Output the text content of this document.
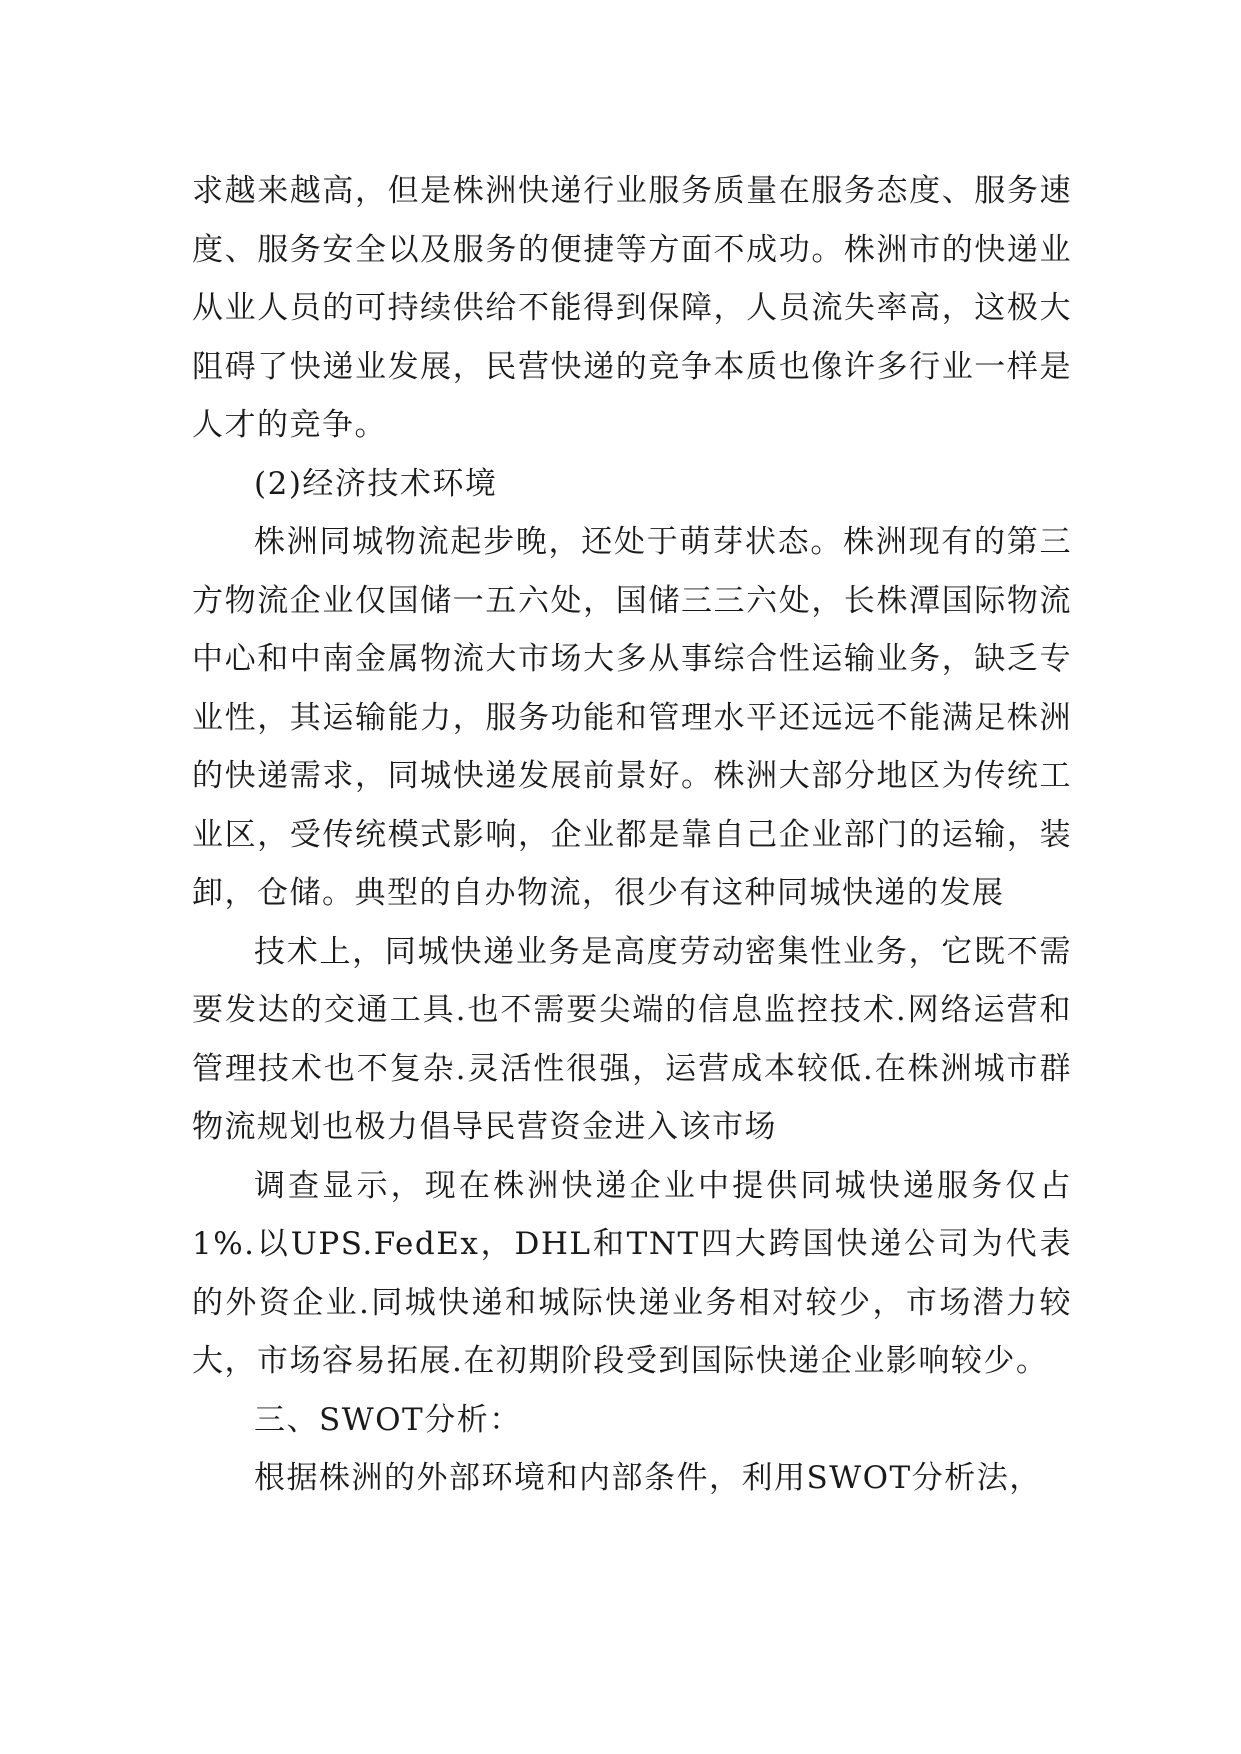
求越来越高，但是株洲快递行业服务质量在服务态度、服务速度、服务安全以及服务的便捷等方面不成功。株洲市的快递业从业人员的可持续供给不能得到保障，人员流失率高，这极大阻碍了快递业发展，民营快递的竞争本质也像许多行业一样是人才的竞争。

(2)经济技术环境

株洲同城物流起步晚，还处于萌芽状态。株洲现有的第三方物流企业仅国储一五六处，国储三三六处，长株潭国际物流中心和中南金属物流大市场大多从事综合性运输业务，缺乏专业性，其运输能力，服务功能和管理水平还远远不能满足株洲的快递需求，同城快递发展前景好。株洲大部分地区为传统工业区，受传统模式影响，企业都是靠自己企业部门的运输，装卸，仓储。典型的自办物流，很少有这种同城快递的发展

技术上，同城快递业务是高度劳动密集性业务，它既不需要发达的交通工具.也不需要尖端的信息监控技术.网络运营和管理技术也不复杂.灵活性很强，运营成本较低.在株洲城市群物流规划也极力倡导民营资金进入该市场

调查显示，现在株洲快递企业中提供同城快递服务仅占1%.以UPS.FedEx，DHL和TNT四大跨国快递公司为代表的外资企业.同城快递和城际快递业务相对较少，市场潜力较大，市场容易拓展.在初期阶段受到国际快递企业影响较少。

三、SWOT分析：

根据株洲的外部环境和内部条件，利用SWOT分析法，
